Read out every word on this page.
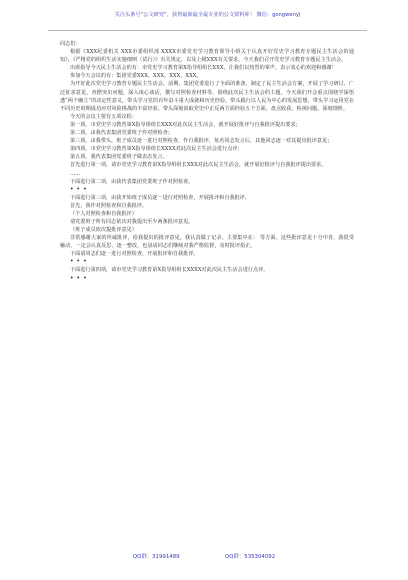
关注头条号“公文研究”，获得最新最全最专业的公文资料库！ 微信：gongwenyj

同志们：

根据《XXX纪委机关 XXX市委组织部 XXXX市委党史学习教育领导小组关于认真开好党史学习教育专题民主生活会的通知》、《严格党的组织生活实施细则（试行）》有关规定，以及上级XXX有关要求，今天我们召开党史学习教育专题民主生活会。

出席指导今天民主生活会的有：市党史学习教育第X指导组组长XXX，让我们以热烈的掌声，表示衷心的欢迎和感谢！

参加今天会议的有：集团党委XXX、XXX、XXX、XXX。

为开好此次党史学习教育专题民主生活会，前期，集团党委进行了全面的准备，制定了民主生活会方案，开展了学习研讨、广泛征求意见，查摆突出问题，深入谈心谈话，撰写对照检查材料等。围绕此次民主生活会的主题，今天我们开会重点围绕学深悟透“两个确立”的决定性意义，带头学习党的百年奋斗重大成就和历史经验，带头践行以人民为中心的发展思想，带头学习运用党在不同历史时期成功应对风险挑战的丰富经验、带头深刻汲取党史中正反两方面经验五个方面，盘点收获、检视问题、深刻剖析。

今天的会议主要有五项议程：

第一项，市党史学习教育第X指导组组长XXX对此次民主生活会，就开展好批评与自我批评提出要求；

第二项，由我代表集团党委班子作对照检查；

第三项，由我带头，班子成员逐一进行对照检查，作自我批评，每名同志发言后，其他同志逐一对其提出批评意见；

第四项，市党史学习教育第X指导组组长XXXX对此次民主生活会进行点评；

第五项，我代表集团党委班子做表态发言。

首先进行第一项，请市党史学习教育第X指导组组长XXX对此次民主生活会，就开展好批评与自我批评提出要求。

……

下面进行第二项，由我代表集团党委班子作对照检查。

•••

下面进行第三项，由我开始班子成员逐一进行对照检查，开展批评和自我批评。

首先，我作对照检查和自我批评。

（个人对照检查和自我批评）

请党委班子所有同志依次对我提出至少两条批评意见。

（班子成员依次提批评意见）

非常感谢大家的坦诚批评，给我提出的批评意见，我认真做了记录。主要集中在： 等方面。这些批评意见十分中肯，我很受触动，一定会认真反思、逐一整改，也恳请同志们继续对我严格监督，及时批评指正。

下面请同志们逐一进行对照检查，开展批评和自我批评。

•••

下面进行第四项，请市党史学习教育第X指导组组长XXXX对此次民主生活会进行点评。

•••

QQ群：31991489	QQ群：535304092
